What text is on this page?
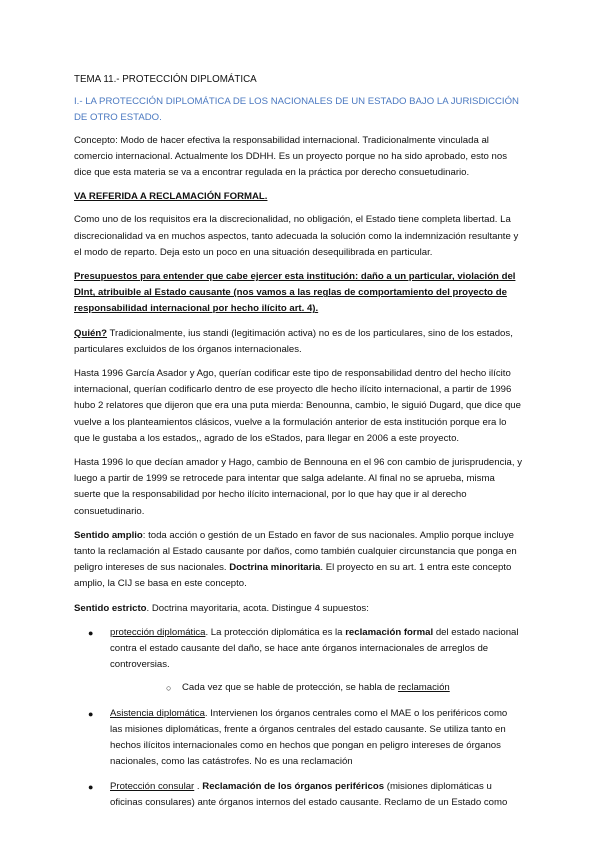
TEMA 11.- PROTECCIÓN DIPLOMÁTICA

I.- LA PROTECCIÓN DIPLOMÁTICA DE LOS NACIONALES DE UN ESTADO BAJO LA JURISDICCIÓN DE OTRO ESTADO.

Concepto: Modo de hacer efectiva la responsabilidad internacional. Tradicionalmente vinculada al comercio internacional. Actualmente los DDHH. Es un proyecto porque no ha sido aprobado, esto nos dice que esta materia se va a encontrar regulada en la práctica por derecho consuetudinario.

VA REFERIDA A RECLAMACIÓN FORMAL.

Como uno de los requisitos era la discrecionalidad, no obligación, el Estado tiene completa libertad. La discrecionalidad va en muchos aspectos, tanto adecuada la solución como la indemnización resultante y el modo de reparto. Deja esto un poco en una situación desequilibrada en particular.

Presupuestos para entender que cabe ejercer esta institución: daño a un particular, violación del DInt, atribuible al Estado causante (nos vamos a las reglas de comportamiento del proyecto de responsabilidad internacional por hecho ilícito art. 4).

Quién? Tradicionalmente, ius standi (legitimación activa) no es de los particulares, sino de los estados, particulares excluidos de los órganos internacionales.

Hasta 1996 García Asador y Ago, querían codificar este tipo de responsabilidad dentro del hecho ilícito internacional, querían codificarlo dentro de ese proyecto dle hecho ilícito internacional, a partir de 1996 hubo 2 relatores que dijeron que era una puta mierda: Benounna, cambio, le siguió Dugard, que dice que vuelve a los planteamientos clásicos, vuelve a la formulación anterior de esta institución porque era lo que le gustaba a los estados,, agrado de los eStados, para llegar en 2006 a este proyecto.

Hasta 1996 lo que decían amador y Hago, cambio de Bennouna en el 96 con cambio de jurisprudencia, y luego a partir de 1999 se retrocede para intentar que salga adelante. Al final no se aprueba, misma suerte que la responsabilidad por hecho ilícito internacional, por lo que hay que ir al derecho consuetudinario.

Sentido amplio: toda acción o gestión de un Estado en favor de sus nacionales. Amplio porque incluye tanto la reclamación al Estado causante por daños, como también cualquier circunstancia que ponga en peligro intereses de sus nacionales. Doctrina minoritaria. El proyecto en su art. 1 entra este concepto amplio, la CIJ se basa en este concepto.

Sentido estricto. Doctrina mayoritaria, acota. Distingue 4 supuestos:

● protección diplomática. La protección diplomática es la reclamación formal del estado nacional contra el estado causante del daño, se hace ante órganos internacionales de arreglos de controversias.
○ Cada vez que se hable de protección, se habla de reclamación
● Asistencia diplomática. Intervienen los órganos centrales como el MAE o los periféricos como las misiones diplomáticas, frente a órganos centrales del estado causante. Se utiliza tanto en hechos ilícitos internacionales como en hechos que pongan en peligro intereses de órganos nacionales, como las catástrofes. No es una reclamación
● Protección consular . Reclamación de los órganos periféricos (misiones diplomáticas u oficinas consulares) ante órganos internos del estado causante. Reclamo de un Estado como
